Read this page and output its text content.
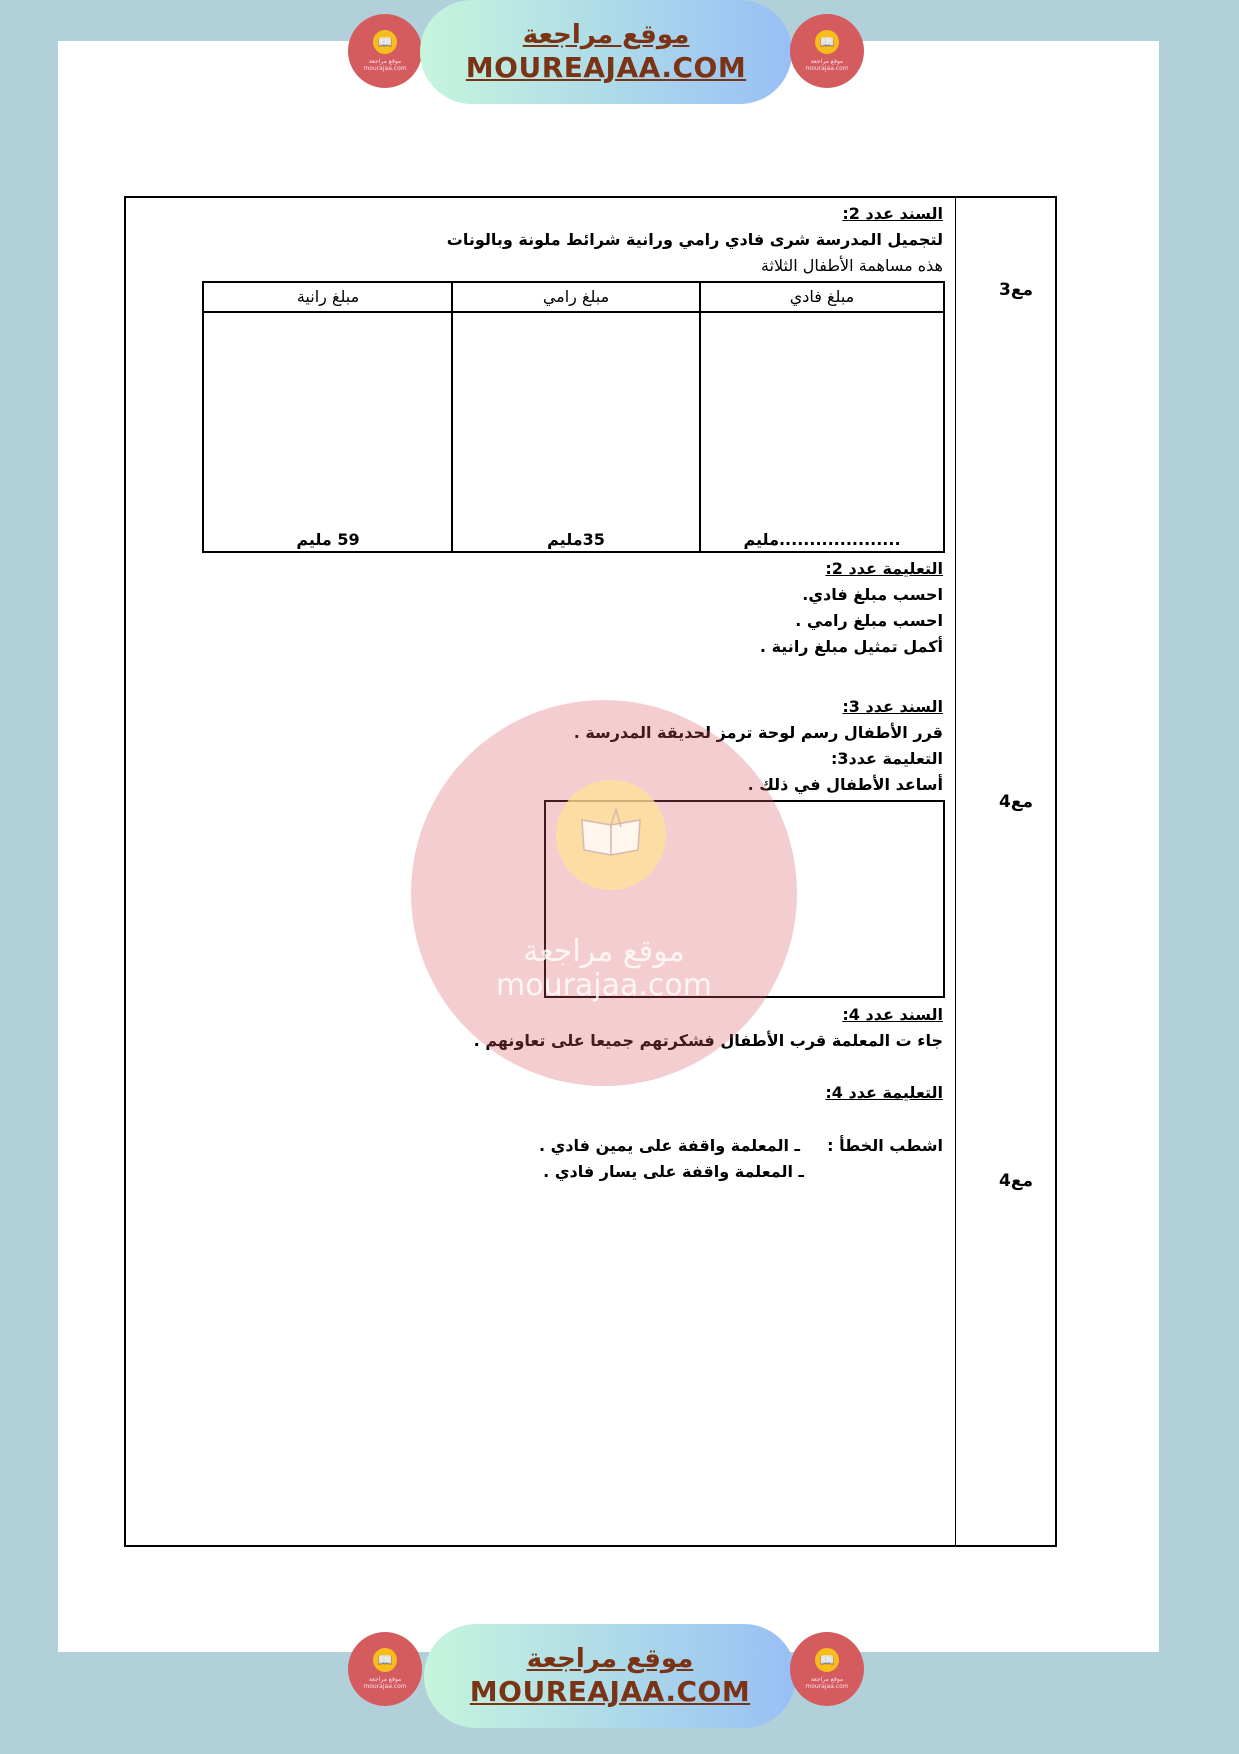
📖
موقع مراجعة mourajaa.com
موقع مراجعة
MOUREAJAA.COM
📖
موقع مراجعة mourajaa.com
مع3
مع4
مع4
السند عدد 2:
لتجميل المدرسة شرى فادي رامي ورانية شرائط ملونة وبالونات
هذه مساهمة الأطفال الثلاثة
مبلغ رانية
59 مليم
مبلغ رامي
35مليم
مبلغ فادي
....................مليم
التعليمة عدد 2:
احسب مبلغ فادي.
احسب مبلغ رامي .
أكمل تمثيل مبلغ رانية .
السند عدد 3:
قرر الأطفال رسم لوحة ترمز لحديقة المدرسة .
التعليمة عدد3:
أساعد الأطفال في ذلك .
السند عدد 4:
جاء ت المعلمة قرب الأطفال فشكرتهم جميعا على تعاونهم .
التعليمة عدد 4:
اشطب الخطأ :
ـ المعلمة واقفة على يمين فادي .
ـ المعلمة واقفة على يسار فادي .
موقع مراجعة
mourajaa.com
📖
موقع مراجعة mourajaa.com
موقع مراجعة
MOUREAJAA.COM
📖
موقع مراجعة mourajaa.com
